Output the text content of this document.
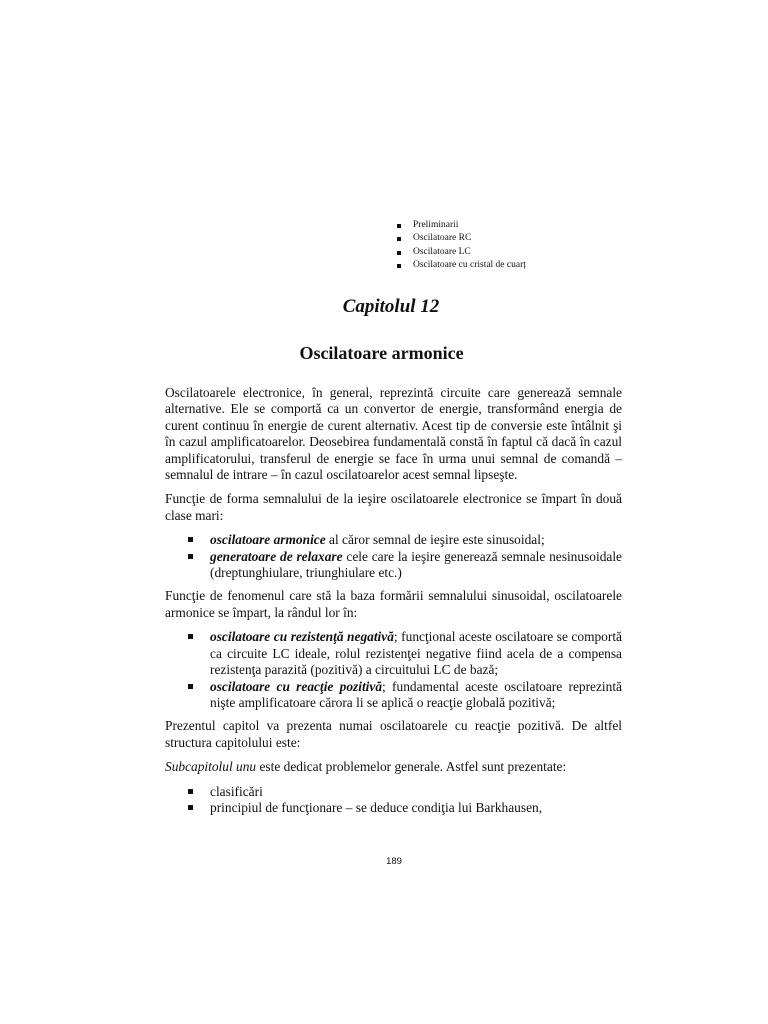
Preliminarii
Oscilatoare RC
Oscilatoare LC
Oscilatoare cu cristal de cuarț
Capitolul 12
Oscilatoare armonice

Oscilatoarele electronice, în general, reprezintă circuite care generează semnale alternative. Ele se comportă ca un convertor de energie, transformând energia de curent continuu în energie de curent alternativ. Acest tip de conversie este întâlnit şi în cazul amplificatoarelor. Deosebirea fundamentală constă în faptul că dacă în cazul amplificatorului, transferul de energie se face în urma unui semnal de comandă – semnalul de intrare – în cazul oscilatoarelor acest semnal lipseşte.

Funcţie de forma semnalului de la ieşire oscilatoarele electronice se împart în două clase mari:

oscilatoare armonice al căror semnal de ieşire este sinusoidal;
generatoare de relaxare cele care la ieşire generează semnale nesinusoidale (dreptunghiulare, triunghiulare etc.)

Funcţie de fenomenul care stă la baza formării semnalului sinusoidal, oscilatoarele armonice se împart, la rândul lor în:

oscilatoare cu rezistenţă negativă; funcţional aceste oscilatoare se comportă ca circuite LC ideale, rolul rezistenţei negative fiind acela de a compensa rezistenţa parazită (pozitivă) a circuitului LC de bază;
oscilatoare cu reacţie pozitivă; fundamental aceste oscilatoare reprezintă nişte amplificatoare cărora li se aplică o reacţie globală pozitivă;

Prezentul capitol va prezenta numai oscilatoarele cu reacţie pozitivă. De altfel structura capitolului este:

Subcapitolul unu este dedicat problemelor generale. Astfel sunt prezentate:

clasificări
principiul de funcţionare – se deduce condiţia lui Barkhausen,
189
